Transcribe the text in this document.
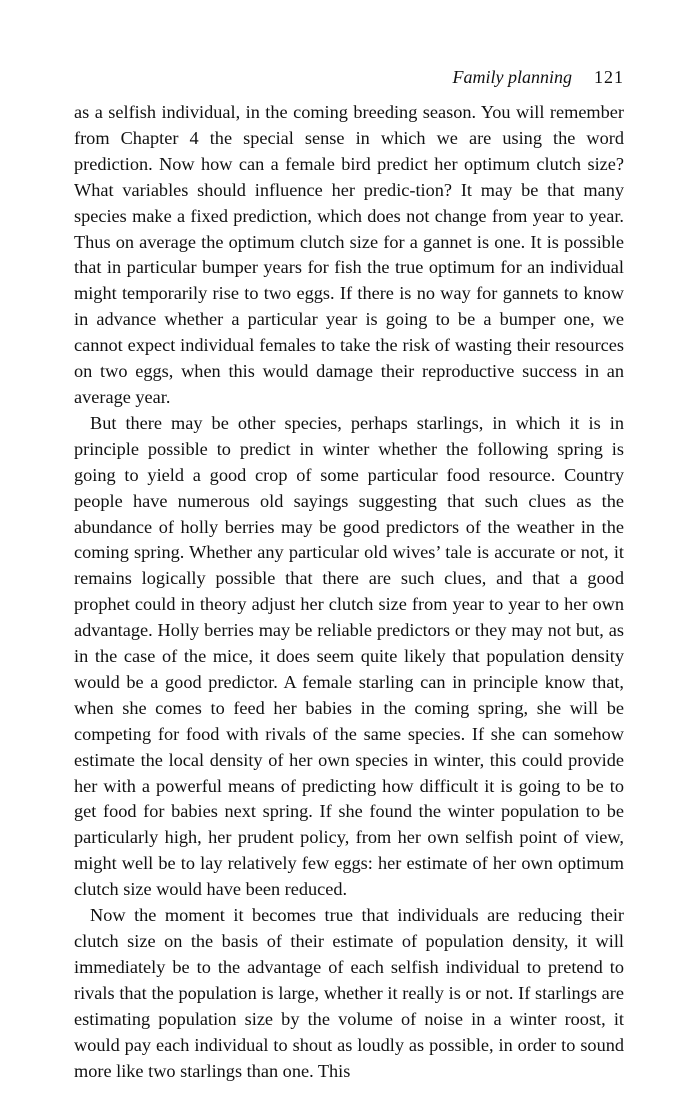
Family planning 121

as a selfish individual, in the coming breeding season. You will remember from Chapter 4 the special sense in which we are using the word prediction. Now how can a female bird predict her optimum clutch size? What variables should influence her predic-tion? It may be that many species make a fixed prediction, which does not change from year to year. Thus on average the optimum clutch size for a gannet is one. It is possible that in particular bumper years for fish the true optimum for an individual might temporarily rise to two eggs. If there is no way for gannets to know in advance whether a particular year is going to be a bumper one, we cannot expect individual females to take the risk of wasting their resources on two eggs, when this would damage their reproductive success in an average year.

But there may be other species, perhaps starlings, in which it is in principle possible to predict in winter whether the following spring is going to yield a good crop of some particular food resource. Country people have numerous old sayings suggesting that such clues as the abundance of holly berries may be good predictors of the weather in the coming spring. Whether any particular old wives’ tale is accurate or not, it remains logically possible that there are such clues, and that a good prophet could in theory adjust her clutch size from year to year to her own advantage. Holly berries may be reliable predictors or they may not but, as in the case of the mice, it does seem quite likely that population density would be a good predictor. A female starling can in principle know that, when she comes to feed her babies in the coming spring, she will be competing for food with rivals of the same species. If she can somehow estimate the local density of her own species in winter, this could provide her with a powerful means of predicting how difficult it is going to be to get food for babies next spring. If she found the winter population to be particularly high, her prudent policy, from her own selfish point of view, might well be to lay relatively few eggs: her estimate of her own optimum clutch size would have been reduced.

Now the moment it becomes true that individuals are reducing their clutch size on the basis of their estimate of population density, it will immediately be to the advantage of each selfish individual to pretend to rivals that the population is large, whether it really is or not. If starlings are estimating population size by the volume of noise in a winter roost, it would pay each individual to shout as loudly as possible, in order to sound more like two starlings than one. This
